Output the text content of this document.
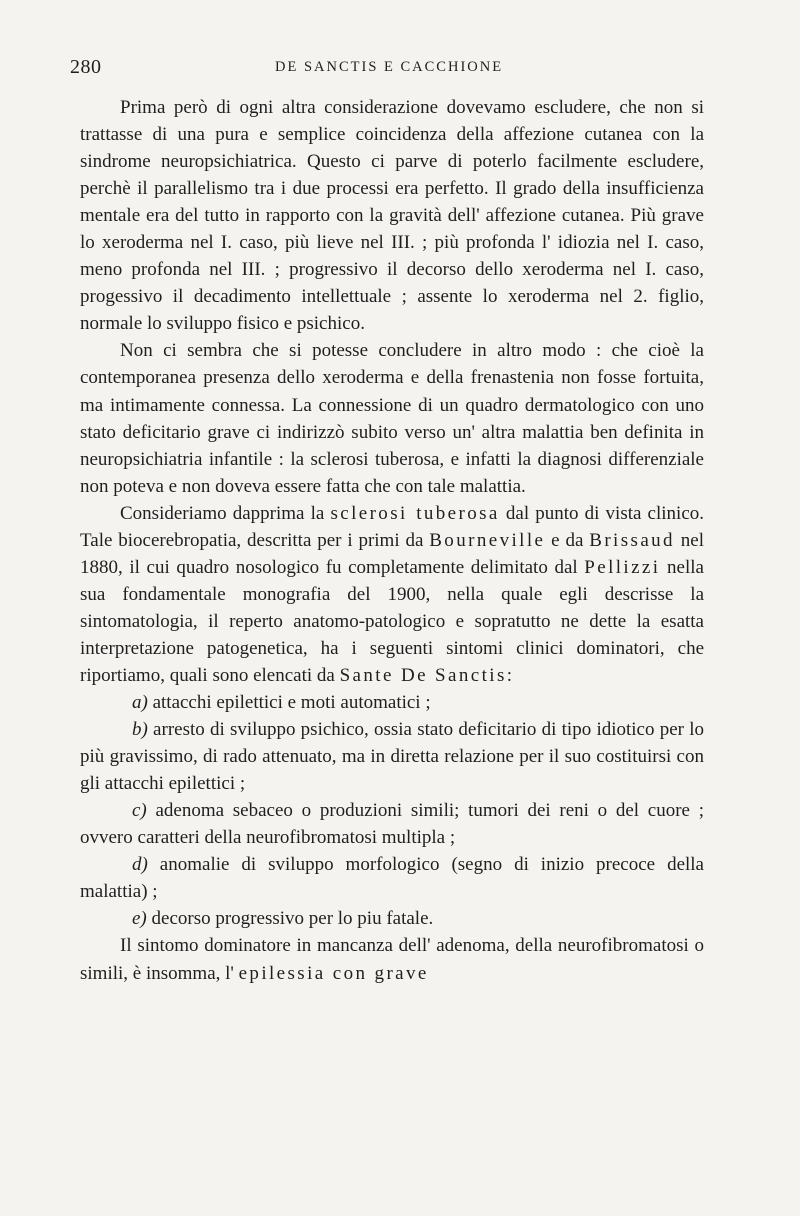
280	DE SANCTIS E CACCHIONE

Prima però di ogni altra considerazione dovevamo escludere, che non si trattasse di una pura e semplice coincidenza della affezione cutanea con la sindrome neuropsichiatrica. Questo ci parve di poterlo facilmente escludere, perchè il parallelismo tra i due processi era perfetto. Il grado della insufficienza mentale era del tutto in rapporto con la gravità dell' affezione cutanea. Più grave lo xeroderma nel I. caso, più lieve nel III. ; più profonda l' idiozia nel I. caso, meno profonda nel III. ; progressivo il decorso dello xeroderma nel I. caso, progessivo il decadimento intellettuale ; assente lo xeroderma nel 2. figlio, normale lo sviluppo fisico e psichico.

Non ci sembra che si potesse concludere in altro modo : che cioè la contemporanea presenza dello xeroderma e della frenastenia non fosse fortuita, ma intimamente connessa. La connessione di un quadro dermatologico con uno stato deficitario grave ci indirizzò subito verso un' altra malattia ben definita in neuropsichiatria infantile : la sclerosi tuberosa, e infatti la diagnosi differenziale non poteva e non doveva essere fatta che con tale malattia.

Consideriamo dapprima la sclerosi tuberosa dal punto di vista clinico. Tale biocerebropatia, descritta per i primi da Bourneville e da Brissaud nel 1880, il cui quadro nosologico fu completamente delimitato dal Pellizzi nella sua fondamentale monografia del 1900, nella quale egli descrisse la sintomatologia, il reperto anatomo-patologico e sopratutto ne dette la esatta interpretazione patogenetica, ha i seguenti sintomi clinici dominatori, che riportiamo, quali sono elencati da Sante De Sanctis:

a) attacchi epilettici e moti automatici ;

b) arresto di sviluppo psichico, ossia stato deficitario di tipo idiotico per lo più gravissimo, di rado attenuato, ma in diretta relazione per il suo costituirsi con gli attacchi epilettici ;

c) adenoma sebaceo o produzioni simili; tumori dei reni o del cuore ; ovvero caratteri della neurofibromatosi multipla ;

d) anomalie di sviluppo morfologico (segno di inizio precoce della malattia) ;

e) decorso progressivo per lo piu fatale.

Il sintomo dominatore in mancanza dell' adenoma, della neurofibromatosi o simili, è insomma, l' epilessia con grave
